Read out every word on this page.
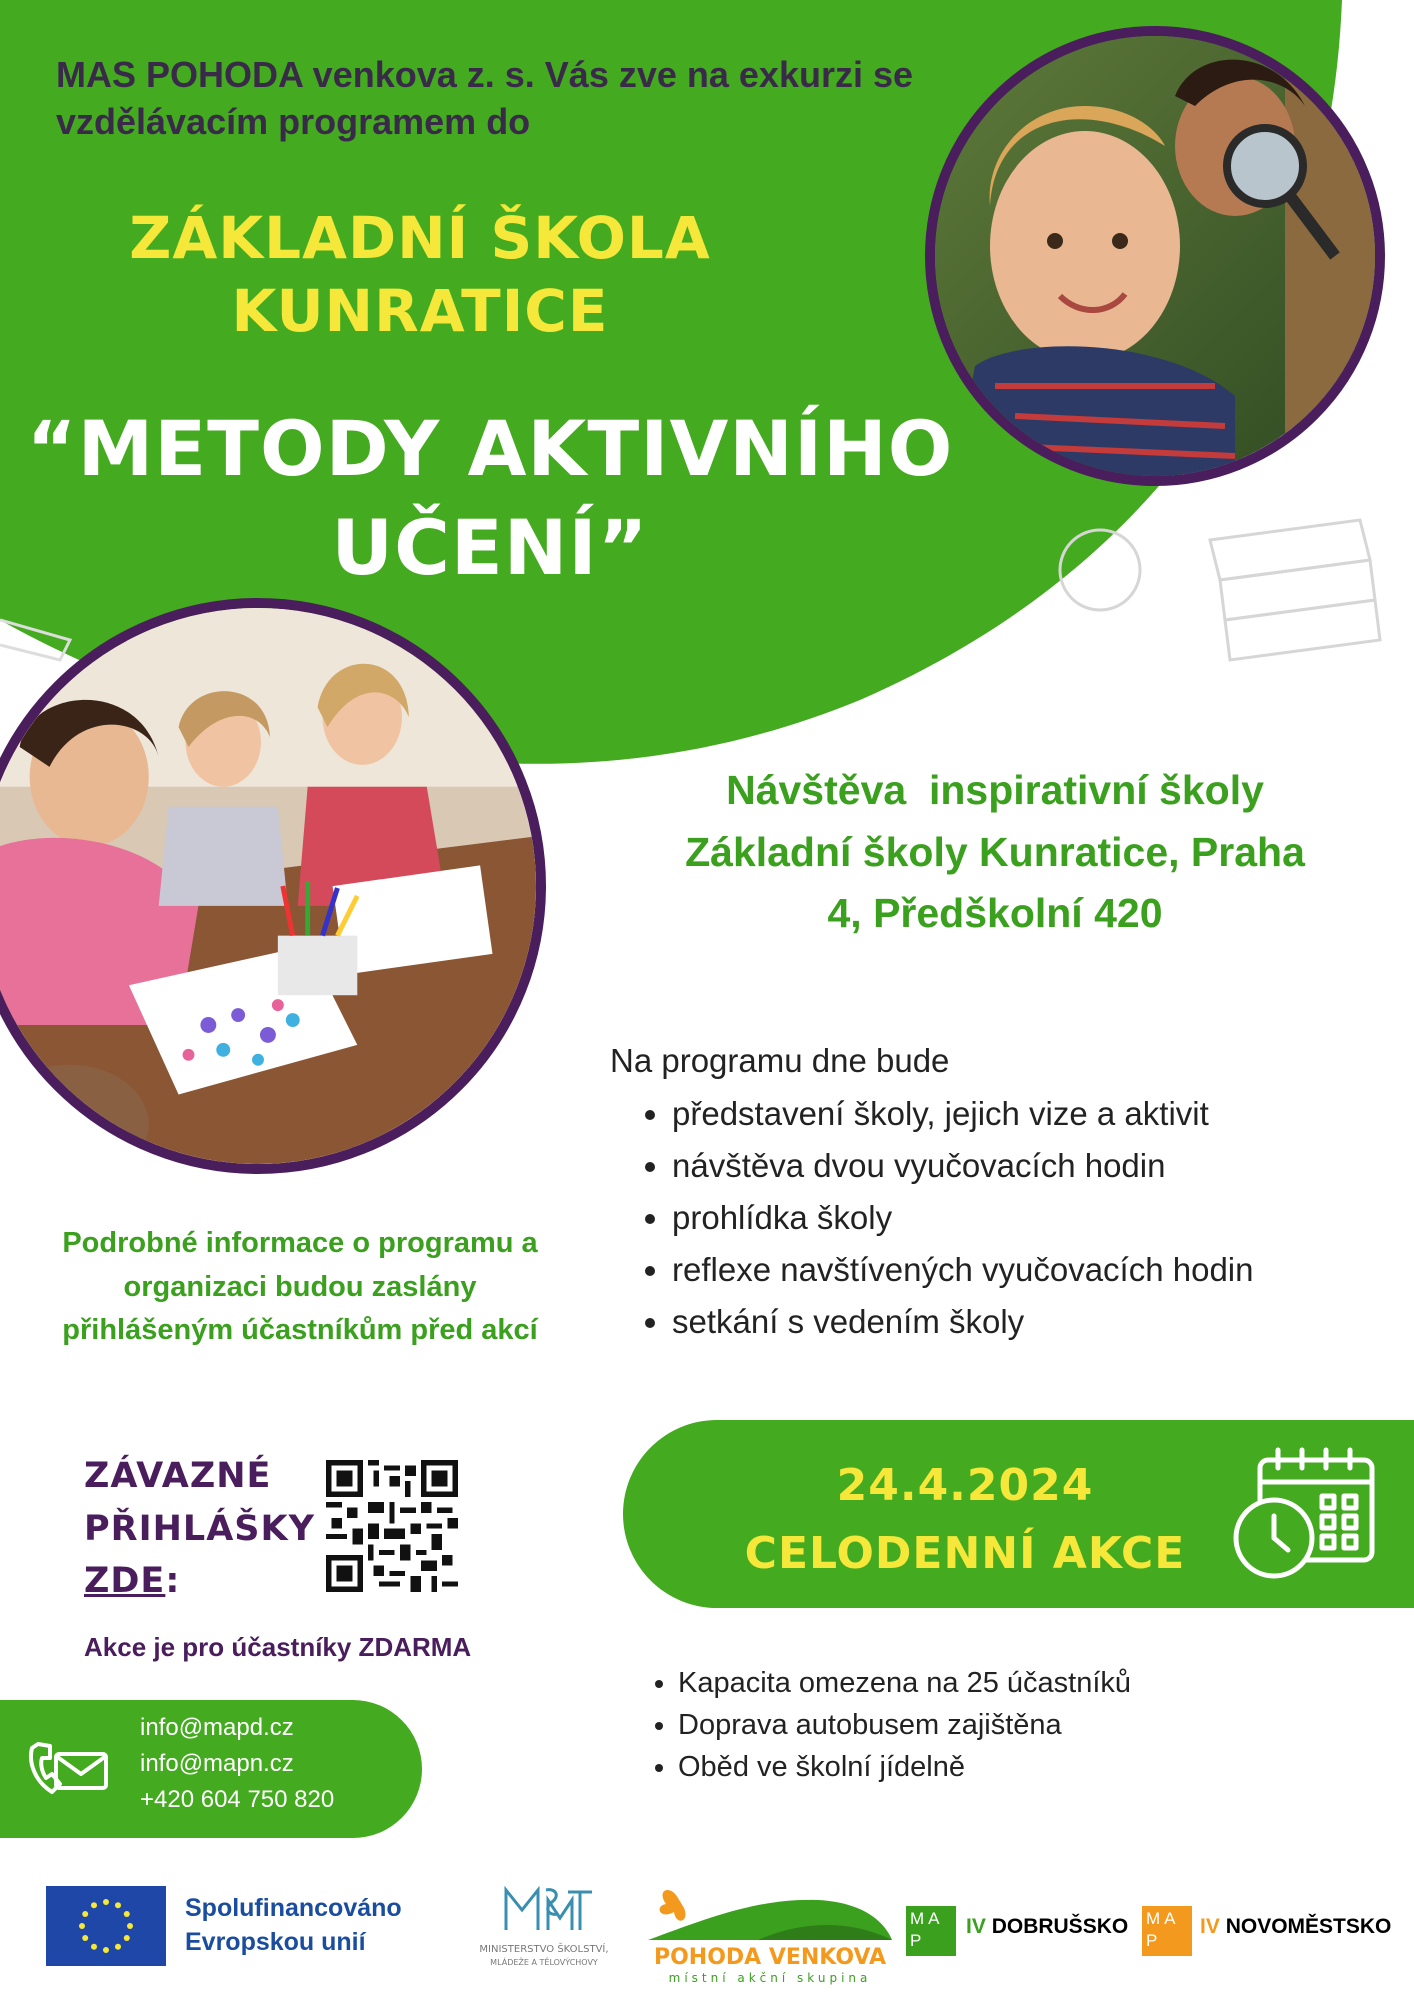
MAS POHODA venkova z. s. Vás zve na exkurzi se vzdělávacím programem do

ZÁKLADNÍ ŠKOLA
KUNRATICE
“METODY AKTIVNÍHO
UČENÍ”

Návštěva  inspirativní školy
Základní školy Kunratice, Praha
4, Předškolní 420

Na programu dne bude

• představení školy, jejich vize a aktivit
• návštěva dvou vyučovacích hodin
• prohlídka školy
• reflexe navštívených vyučovacích hodin
• setkání s vedením školy

Podrobné informace o programu a organizaci budou zaslány přihlášeným účastníkům před akcí

ZÁVAZNÉ
PŘIHLÁŠKY
ZDE:

Akce je pro účastníky ZDARMA

24.4.2024
CELODENNÍ AKCE

info@mapd.cz
info@mapn.cz
+420 604 750 820

• Kapacita omezena na 25 účastníků
• Doprava autobusem zajištěna
• Oběd ve školní jídelně

Spolufinancováno
Evropskou unií	MINISTERSTVO ŠKOLSTVÍ,
MLÁDEŽE A TĚLOVÝCHOVY	POHODA VENKOVA
místní akční skupina
MA
P

IV DOBRUŠSKO MA
P

IV NOVOMĚSTSKO
